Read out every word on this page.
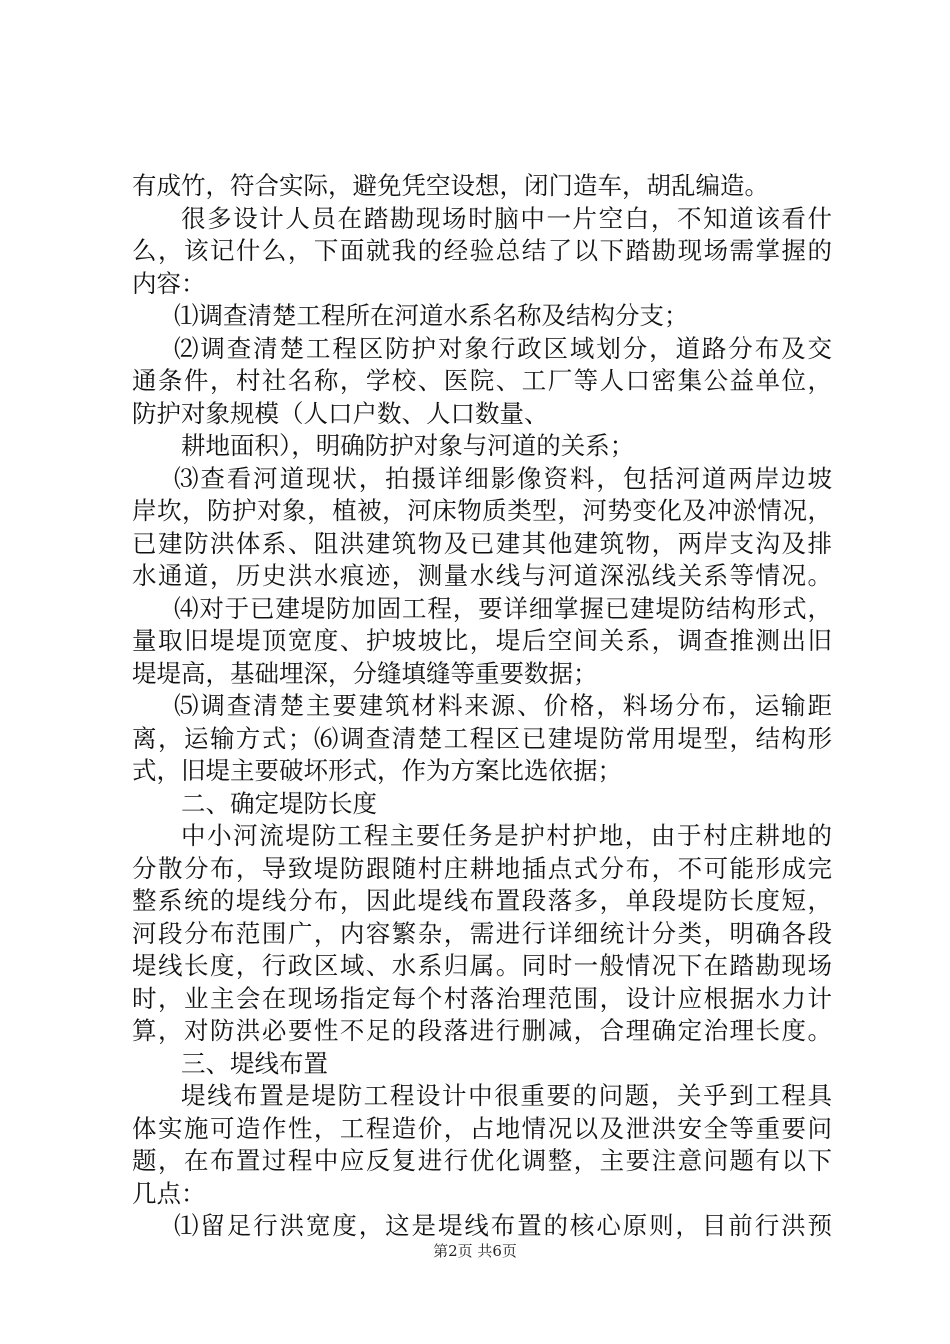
有成竹，符合实际，避免凭空设想，闭门造车，胡乱编造。
很多设计人员在踏勘现场时脑中一片空白，不知道该看什
么，该记什么，下面就我的经验总结了以下踏勘现场需掌握的
内容：
⑴调查清楚工程所在河道水系名称及结构分支；
⑵调查清楚工程区防护对象行政区域划分，道路分布及交
通条件，村社名称，学校、医院、工厂等人口密集公益单位，
防护对象规模（人口户数、人口数量、
耕地面积），明确防护对象与河道的关系；
⑶查看河道现状，拍摄详细影像资料，包括河道两岸边坡
岸坎，防护对象，植被，河床物质类型，河势变化及冲淤情况，
已建防洪体系、阻洪建筑物及已建其他建筑物，两岸支沟及排
水通道，历史洪水痕迹，测量水线与河道深泓线关系等情况。
⑷对于已建堤防加固工程，要详细掌握已建堤防结构形式，
量取旧堤堤顶宽度、护坡坡比，堤后空间关系，调查推测出旧
堤堤高，基础埋深，分缝填缝等重要数据；
⑸调查清楚主要建筑材料来源、价格，料场分布，运输距
离，运输方式；⑹调查清楚工程区已建堤防常用堤型，结构形
式，旧堤主要破坏形式，作为方案比选依据；
二、确定堤防长度
中小河流堤防工程主要任务是护村护地，由于村庄耕地的
分散分布，导致堤防跟随村庄耕地插点式分布，不可能形成完
整系统的堤线分布，因此堤线布置段落多，单段堤防长度短，
河段分布范围广，内容繁杂，需进行详细统计分类，明确各段
堤线长度，行政区域、水系归属。同时一般情况下在踏勘现场
时，业主会在现场指定每个村落治理范围，设计应根据水力计
算，对防洪必要性不足的段落进行删减，合理确定治理长度。
三、堤线布置
堤线布置是堤防工程设计中很重要的问题，关乎到工程具
体实施可造作性，工程造价，占地情况以及泄洪安全等重要问
题，在布置过程中应反复进行优化调整，主要注意问题有以下
几点：
⑴留足行洪宽度，这是堤线布置的核心原则，目前行洪预
第2页 共6页
